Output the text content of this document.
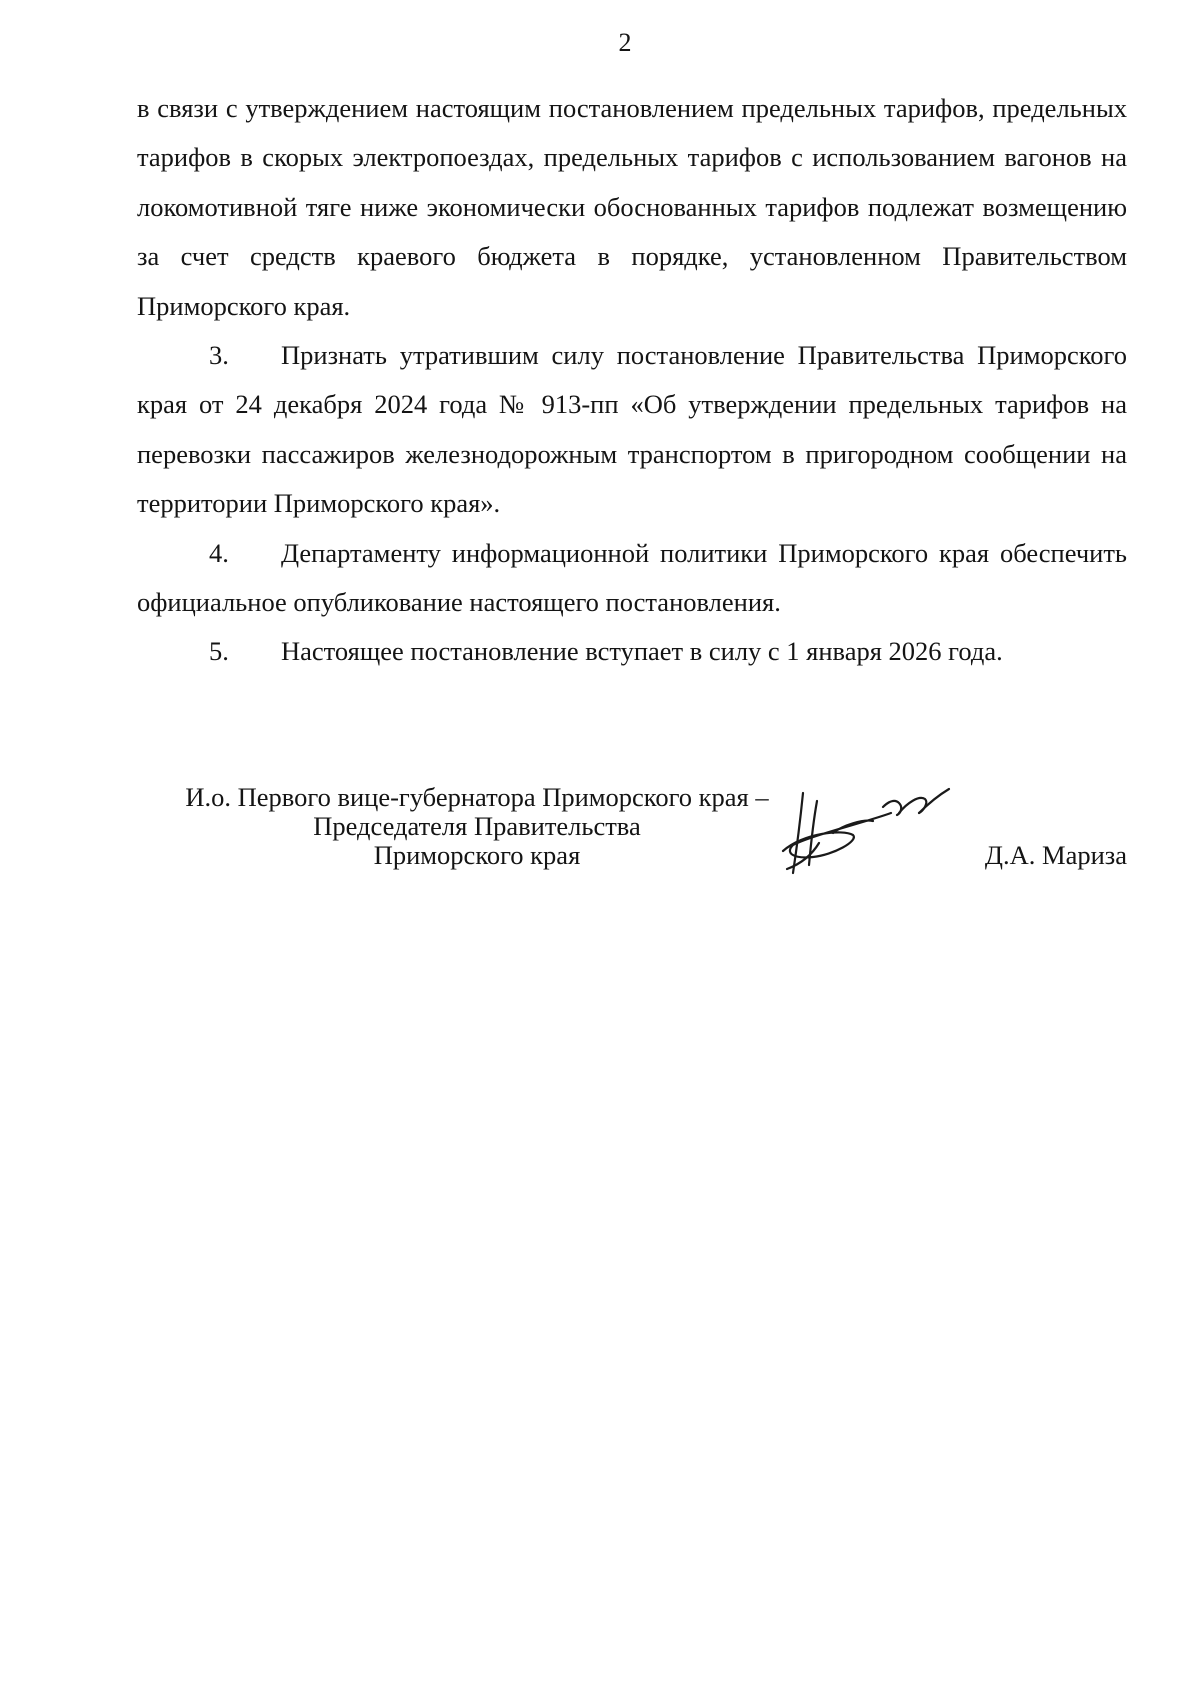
2

в связи с утверждением настоящим постановлением предельных тарифов, предельных тарифов в скорых электропоездах, предельных тарифов с использованием вагонов на локомотивной тяге ниже экономически обоснованных тарифов подлежат возмещению за счет средств краевого бюджета в порядке, установленном Правительством Приморского края.

3. Признать утратившим силу постановление Правительства Приморского края от 24 декабря 2024 года № 913-пп «Об утверждении предельных тарифов на перевозки пассажиров железнодорожным транспортом в пригородном сообщении на территории Приморского края».

4. Департаменту информационной политики Приморского края обеспечить официальное опубликование настоящего постановления.

5. Настоящее постановление вступает в силу с 1 января 2026 года.

И.о. Первого вице-губернатора Приморского края –
Председателя Правительства
Приморского края	Д.А. Мариза
